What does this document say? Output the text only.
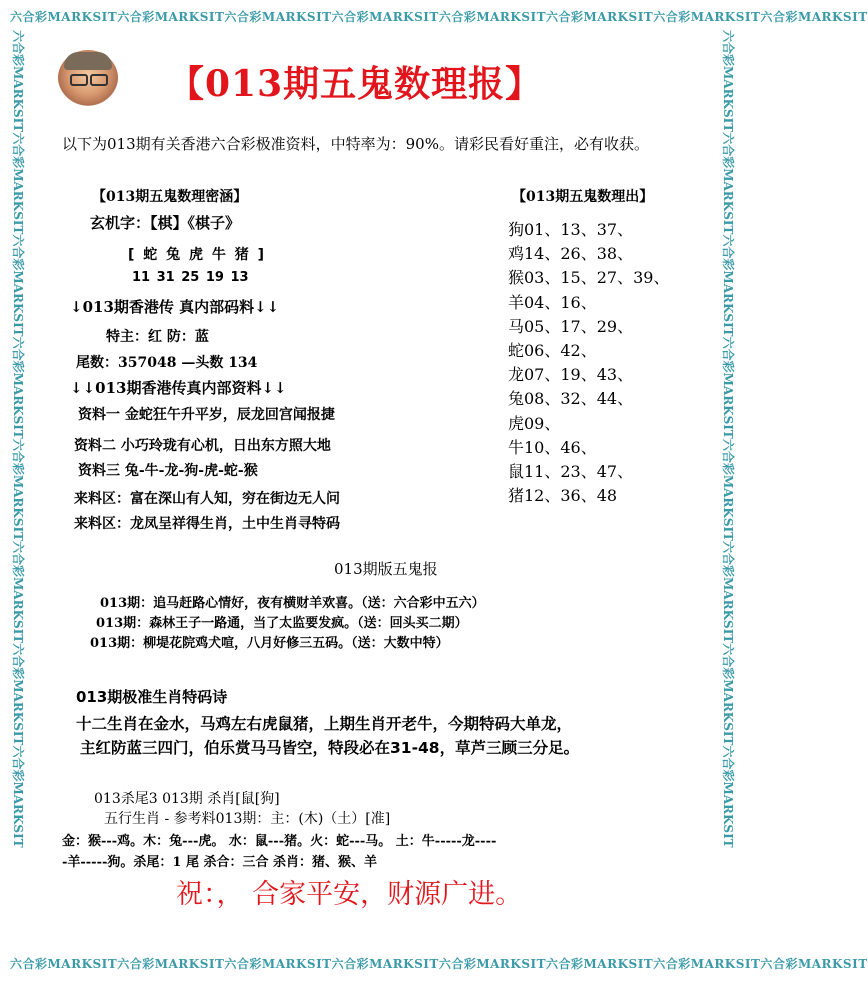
六合彩MARKSIT六合彩MARKSIT六合彩MARKSIT六合彩MARKSIT六合彩MARKSIT六合彩MARKSIT六合彩MARKSIT六合彩MARKSIT
六合彩MARKSIT六合彩MARKSIT六合彩MARKSIT六合彩MARKSIT六合彩MARKSIT六合彩MARKSIT六合彩MARKSIT六合彩MARKSIT
六合彩MARKSIT六合彩MARKSIT六合彩MARKSIT六合彩MARKSIT六合彩MARKSIT六合彩MARKSIT六合彩MARKSIT六合彩MARKSIT	六合彩MARKSIT六合彩MARKSIT六合彩MARKSIT六合彩MARKSIT六合彩MARKSIT六合彩MARKSIT六合彩MARKSIT六合彩MARKSIT
【013期五鬼数理报】
以下为013期有关香港六合彩极准资料，中特率为：90%。请彩民看好重注，必有收获。
【013期五鬼数理密涵】
玄机字：【棋】《棋子》
[ 蛇 兔 虎 牛 猪 ]
11 31 25 19 13
↓013期香港传 真内部码料↓↓
特主：红 防：蓝
尾数：357048 —头数 134
↓↓013期香港传真内部资料↓↓
资料一 金蛇狂午升平岁，辰龙回宫闻报捷
资料二 小巧玲珑有心机，日出东方照大地
资料三 兔-牛-龙-狗-虎-蛇-猴
来料区：富在深山有人知，穷在街边无人问
来料区：龙凤呈祥得生肖，土中生肖寻特码
【013期五鬼数理出】
狗01、13、37、
鸡14、26、38、
猴03、15、27、39、
羊04、16、
马05、17、29、
蛇06、42、
龙07、19、43、
兔08、32、44、
虎09、
牛10、46、
鼠11、23、47、
猪12、36、48
013期版五鬼报
013期：追马赶路心情好，夜有横财羊欢喜。（送：六合彩中五六）
013期：森林王子一路通，当了太监要发疯。（送：回头买二期）
013期：柳堤花院鸡犬喧，八月好修三五码。（送：大数中特）
013期极准生肖特码诗
十二生肖在金水，马鸡左右虎鼠猪，上期生肖开老牛，今期特码大单龙，
主红防蓝三四门，伯乐赏马马皆空，特段必在31-48，草芦三顾三分足。
013杀尾3 013期 杀肖[鼠[狗]
五行生肖 - 参考料013期：主：(木)（土）[准]
金：猴---鸡。木：兔---虎。 水：鼠---猪。火：蛇---马。 土：牛-----龙----
-羊-----狗。杀尾：1 尾 杀合：三合 杀肖：猪、猴、羊
祝：， 合家平安，财源广进。
